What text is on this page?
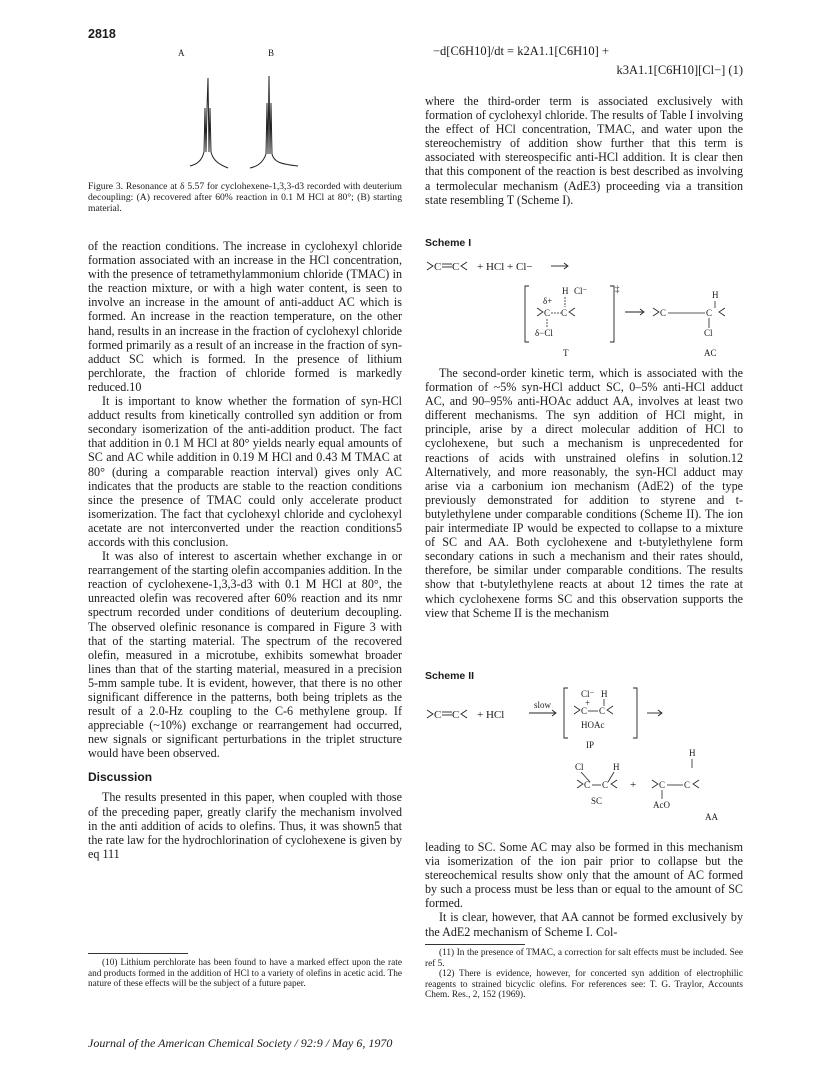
2818
A	B

Figure 3. Resonance at δ 5.57 for cyclohexene-1,3,3-d3 recorded with deuterium decoupling: (A) recovered after 60% reaction in 0.1 M HCl at 80°; (B) starting material.

of the reaction conditions. The increase in cyclohexyl chloride formation associated with an increase in the HCl concentration, with the presence of tetramethylammonium chloride (TMAC) in the reaction mixture, or with a high water content, is seen to involve an increase in the amount of anti-adduct AC which is formed. An increase in the reaction temperature, on the other hand, results in an increase in the fraction of cyclohexyl chloride formed primarily as a result of an increase in the fraction of syn-adduct SC which is formed. In the presence of lithium perchlorate, the fraction of chloride formed is markedly reduced.10

It is important to know whether the formation of syn-HCl adduct results from kinetically controlled syn addition or from secondary isomerization of the anti-addition product. The fact that addition in 0.1 M HCl at 80° yields nearly equal amounts of SC and AC while addition in 0.19 M HCl and 0.43 M TMAC at 80° (during a comparable reaction interval) gives only AC indicates that the products are stable to the reaction conditions since the presence of TMAC could only accelerate product isomerization. The fact that cyclohexyl chloride and cyclohexyl acetate are not interconverted under the reaction conditions5 accords with this conclusion.

It was also of interest to ascertain whether exchange in or rearrangement of the starting olefin accompanies addition. In the reaction of cyclohexene-1,3,3-d3 with 0.1 M HCl at 80°, the unreacted olefin was recovered after 60% reaction and its nmr spectrum recorded under conditions of deuterium decoupling. The observed olefinic resonance is compared in Figure 3 with that of the starting material. The spectrum of the recovered olefin, measured in a microtube, exhibits somewhat broader lines than that of the starting material, measured in a precision 5-mm sample tube. It is evident, however, that there is no other significant difference in the patterns, both being triplets as the result of a 2.0-Hz coupling to the C-6 methylene group. If appreciable (~10%) exchange or rearrangement had occurred, new signals or significant perturbations in the triplet structure would have been observed.

Discussion

The results presented in this paper, when coupled with those of the preceding paper, greatly clarify the mechanism involved in the anti addition of acids to olefins. Thus, it was shown5 that the rate law for the hydrochlorination of cyclohexene is given by eq 111

(10) Lithium perchlorate has been found to have a marked effect upon the rate and products formed in the addition of HCl to a variety of olefins in acetic acid. The nature of these effects will be the subject of a future paper.

−d[C6H10]/dt = k2A1.1[C6H10] +
k3A1.1[C6H10][Cl−] (1)

where the third-order term is associated exclusively with formation of cyclohexyl chloride. The results of Table I involving the effect of HCl concentration, TMAC, and water upon the stereochemistry of addition show further that this term is associated with stereospecific anti-HCl addition. It is clear then that this component of the reaction is best described as involving a termolecular mechanism (AdE3) proceeding via a transition state resembling T (Scheme I).

Scheme I
C C + HCl + Cl−
‡
H Cl⁻
δ+
C C
δ−Cl
T
H
C	C
Cl
AC

The second-order kinetic term, which is associated with the formation of ~5% syn-HCl adduct SC, 0–5% anti-HCl adduct AC, and 90–95% anti-HOAc adduct AA, involves at least two different mechanisms. The syn addition of HCl might, in principle, arise by a direct molecular addition of HCl to cyclohexene, but such a mechanism is unprecedented for reactions of acids with unstrained olefins in solution.12 Alternatively, and more reasonably, the syn-HCl adduct may arise via a carbonium ion mechanism (AdE2) of the type previously demonstrated for addition to styrene and t-butylethylene under comparable conditions (Scheme II). The ion pair intermediate IP would be expected to collapse to a mixture of SC and AA. Both cyclohexene and t-butylethylene form secondary cations in such a mechanism and their rates should, therefore, be similar under comparable conditions. The results show that t-butylethylene reacts at about 12 times the rate at which cyclohexene forms SC and this observation supports the view that Scheme II is the mechanism

Scheme II
C C + HCl
slow
Cl⁻ H
+
C C
HOAc
IP
Cl	H
C C
SC
+
H
C C
AcO
AA

leading to SC. Some AC may also be formed in this mechanism via isomerization of the ion pair prior to collapse but the stereochemical results show only that the amount of AC formed by such a process must be less than or equal to the amount of SC formed.

It is clear, however, that AA cannot be formed exclusively by the AdE2 mechanism of Scheme I. Col-

(11) In the presence of TMAC, a correction for salt effects must be included. See ref 5.

(12) There is evidence, however, for concerted syn addition of electrophilic reagents to strained bicyclic olefins. For references see: T. G. Traylor, Accounts Chem. Res., 2, 152 (1969).

Journal of the American Chemical Society / 92:9 / May 6, 1970
